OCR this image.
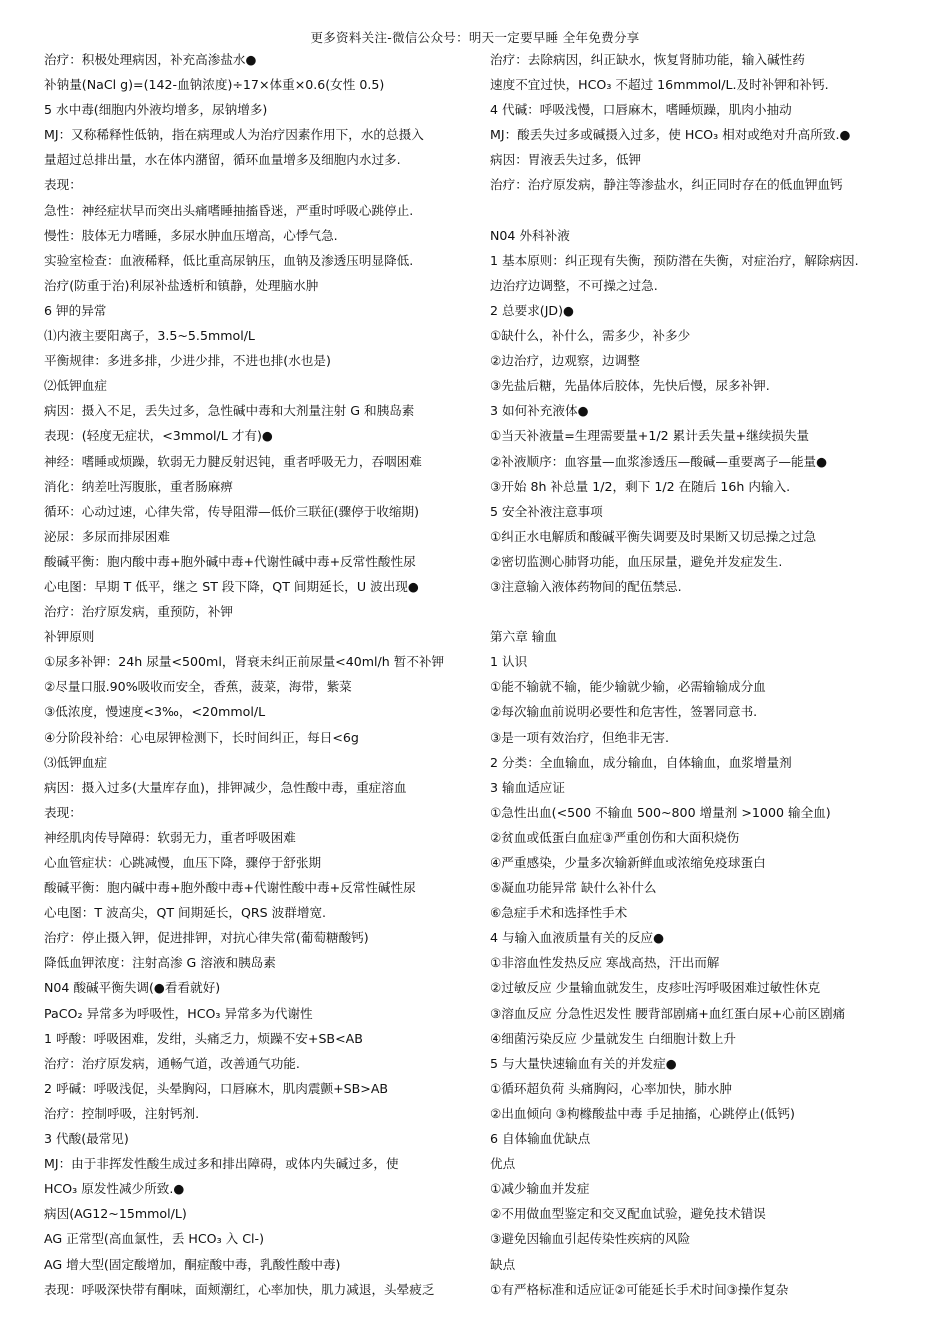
更多资料关注-微信公众号：明天一定要早睡 全年免费分享
治疗：积极处理病因，补充高渗盐水●
补钠量(NaCl g)=(142-血钠浓度)÷17×体重×0.6(女性 0.5)
5 水中毒(细胞内外液均增多，尿钠增多)
MJ：又称稀释性低钠，指在病理或人为治疗因素作用下，水的总摄入
量超过总排出量，水在体内潴留，循环血量增多及细胞内水过多.
表现：
急性：神经症状早而突出头痛嗜睡抽搐昏迷，严重时呼吸心跳停止.
慢性：肢体无力嗜睡，多尿水肿血压增高，心悸气急.
实验室检查：血液稀释，低比重高尿钠压，血钠及渗透压明显降低.
治疗(防重于治)利尿补盐透析和镇静，处理脑水肿
6 钾的异常
⑴内液主要阳离子，3.5~5.5mmol/L
平衡规律：多进多排，少进少排，不进也排(水也是)
⑵低钾血症
病因：摄入不足，丢失过多，急性碱中毒和大剂量注射 G 和胰岛素
表现：(轻度无症状，<3mmol/L 才有)●
神经：嗜睡或烦躁，软弱无力腱反射迟钝，重者呼吸无力，吞咽困难
消化：纳差吐泻腹胀，重者肠麻痹
循环：心动过速，心律失常，传导阻滞—低价三联征(骤停于收缩期)
泌尿：多尿而排尿困难
酸碱平衡：胞内酸中毒+胞外碱中毒+代谢性碱中毒+反常性酸性尿
心电图：早期 T 低平，继之 ST 段下降，QT 间期延长，U 波出现●
治疗：治疗原发病，重预防，补钾
补钾原则
①尿多补钾：24h 尿量<500ml，肾衰未纠正前尿量<40ml/h 暂不补钾
②尽量口服.90%吸收而安全，香蕉，菠菜，海带，紫菜
③低浓度，慢速度<3‰，<20mmol/L
④分阶段补给：心电尿钾检测下，长时间纠正，每日<6g
⑶低钾血症
病因：摄入过多(大量库存血)，排钾减少，急性酸中毒，重症溶血
表现：
神经肌肉传导障碍：软弱无力，重者呼吸困难
心血管症状：心跳减慢，血压下降，骤停于舒张期
酸碱平衡：胞内碱中毒+胞外酸中毒+代谢性酸中毒+反常性碱性尿
心电图：T 波高尖，QT 间期延长，QRS 波群增宽.
治疗：停止摄入钾，促进排钾，对抗心律失常(葡萄糖酸钙)
降低血钾浓度：注射高渗 G 溶液和胰岛素
N04 酸碱平衡失调(●看看就好)
PaCO₂ 异常多为呼吸性，HCO₃ 异常多为代谢性
1 呼酸：呼吸困难，发绀，头痛乏力，烦躁不安+SB<AB
治疗：治疗原发病，通畅气道，改善通气功能.
2 呼碱：呼吸浅促，头晕胸闷，口唇麻木，肌肉震颤+SB>AB
治疗：控制呼吸，注射钙剂.
3 代酸(最常见)
MJ：由于非挥发性酸生成过多和排出障碍，或体内失碱过多，使
HCO₃ 原发性减少所致.●
病因(AG12~15mmol/L)
AG 正常型(高血氯性，丢 HCO₃ 入 Cl-)
AG 增大型(固定酸增加，酮症酸中毒，乳酸性酸中毒)
表现：呼吸深快带有酮味，面颊潮红，心率加快，肌力减退，头晕疲乏
治疗：去除病因，纠正缺水，恢复肾肺功能，输入碱性药
速度不宜过快，HCO₃ 不超过 16mmmol/L.及时补钾和补钙.
4 代碱：呼吸浅慢，口唇麻木，嗜睡烦躁，肌肉小抽动
MJ：酸丢失过多或碱摄入过多，使 HCO₃ 相对或绝对升高所致.●
病因：胃液丢失过多，低钾
治疗：治疗原发病，静注等渗盐水，纠正同时存在的低血钾血钙
N04 外科补液
1 基本原则：纠正现有失衡，预防潜在失衡，对症治疗，解除病因.
边治疗边调整，不可操之过急.
2 总要求(JD)●
①缺什么，补什么，需多少，补多少
②边治疗，边观察，边调整
③先盐后糖，先晶体后胶体，先快后慢，尿多补钾.
3 如何补充液体●
①当天补液量=生理需要量+1/2 累计丢失量+继续损失量
②补液顺序：血容量—血浆渗透压—酸碱—重要离子—能量●
③开始 8h 补总量 1/2，剩下 1/2 在随后 16h 内输入.
5 安全补液注意事项
①纠正水电解质和酸碱平衡失调要及时果断又切忌操之过急
②密切监测心肺肾功能，血压尿量，避免并发症发生.
③注意输入液体药物间的配伍禁忌.
第六章 输血
1 认识
①能不输就不输，能少输就少输，必需输输成分血
②每次输血前说明必要性和危害性，签署同意书.
③是一项有效治疗，但绝非无害.
2 分类：全血输血，成分输血，自体输血，血浆增量剂
3 输血适应证
①急性出血(<500 不输血 500~800 增量剂 >1000 输全血)
②贫血或低蛋白血症③严重创伤和大面积烧伤
④严重感染，少量多次输新鲜血或浓缩免疫球蛋白
⑤凝血功能异常 缺什么补什么
⑥急症手术和选择性手术
4 与输入血液质量有关的反应●
①非溶血性发热反应 寒战高热，汗出而解
②过敏反应 少量输血就发生，皮疹吐泻呼吸困难过敏性休克
③溶血反应 分急性迟发性 腰背部剧痛+血红蛋白尿+心前区剧痛
④细菌污染反应 少量就发生 白细胞计数上升
5 与大量快速输血有关的并发症●
①循环超负荷 头痛胸闷，心率加快，肺水肿
②出血倾向 ③枸橼酸盐中毒 手足抽搐，心跳停止(低钙)
6 自体输血优缺点
优点
①减少输血并发症
②不用做血型鉴定和交叉配血试验，避免技术错误
③避免因输血引起传染性疾病的风险
缺点
①有严格标准和适应证②可能延长手术时间③操作复杂
